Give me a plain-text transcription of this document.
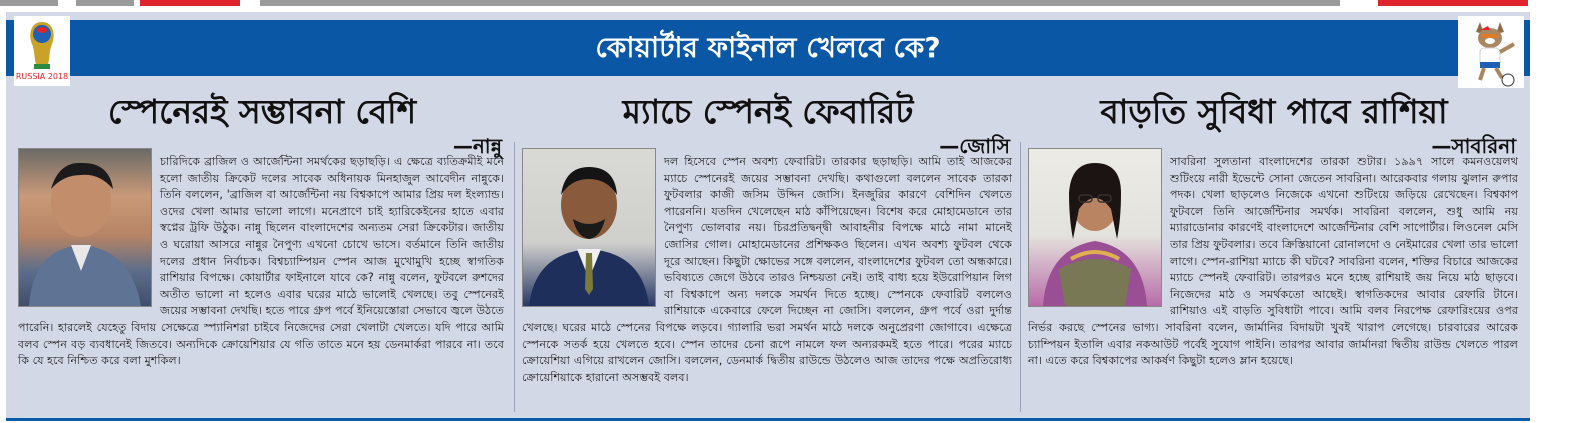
কোয়ার্টার ফাইনাল খেলবে কে?
RUSSIA 2018
স্পেনেরই সম্ভাবনা বেশি
—নান্নু
চারিদিকে ব্রাজিল ও আর্জেন্টিনা সমর্থকের ছড়াছড়ি। এ ক্ষেত্রে ব্যতিক্রমীই মনে হলো জাতীয় ক্রিকেট দলের সাবেক অধিনায়ক মিনহাজুল আবেদীন নান্নুকে। তিনি বললেন, 'ব্রাজিল বা আর্জেন্টিনা নয় বিশ্বকাপে আমার প্রিয় দল ইংল্যান্ড। ওদের খেলা আমার ভালো লাগে। মনেপ্রাণে চাই হ্যারিকেইনের হাতে এবার স্বপ্নের ট্রফি উঠুক। নান্নু ছিলেন বাংলাদেশের অন্যতম সেরা ক্রিকেটার। জাতীয় ও ঘরোয়া আসরে নান্নুর নৈপুণ্য এখনো চোখে ভাসে। বর্তমানে তিনি জাতীয় দলের প্রধান নির্বাচক। বিশ্বচ্যাম্পিয়ন স্পেন আজ মুখোমুখি হচ্ছে স্বাগতিক রাশিয়ার বিপক্ষে। কোয়ার্টার ফাইনালে যাবে কে? নান্নু বলেন, ফুটবলে রুশদের অতীত ভালো না হলেও এবার ঘরের মাঠে ভালোই খেলছে। তবু স্পেনেরই জয়ের সম্ভাবনা দেখছি। হতে পারে গ্রুপ পর্বে ইনিয়েস্তোরা সেভাবে জ্বলে উঠতে পারেনি। হারলেই যেহেতু বিদায় সেক্ষেত্রে স্প্যানিশরা চাইবে নিজেদের সেরা খেলাটা খেলতে। যদি পারে আমি বলব স্পেন বড় ব্যবধানেই জিতবে। অন্যদিকে ক্রোয়েশিয়ার যে গতি তাতে মনে হয় ডেনমার্করা পারবে না। তবে কি যে হবে নিশ্চিত করে বলা মুশকিল।
ম্যাচে স্পেনই ফেবারিট
—জোসি
দল হিসেবে স্পেন অবশ্য ফেবারিট। তারকার ছড়াছড়ি। আমি তাই আজকের ম্যাচে স্পেনেরই জয়ের সম্ভাবনা দেখছি। কথাগুলো বললেন সাবেক তারকা ফুটবলার কাজী জসিম উদ্দিন জোসি। ইনজুরির কারণে বেশিদিন খেলতে পারেননি। যতদিন খেলেছেন মাঠ কাঁপিয়েছেন। বিশেষ করে মোহামেডানে তার নৈপুণ্য ভোলবার নয়। চিরপ্রতিদ্বন্দ্বী আবাহনীর বিপক্ষে মাঠে নামা মানেই জোসির গোল। মোহামেডানের প্রশিক্ষকও ছিলেন। এখন অবশ্য ফুটবল থেকে দূরে আছেন। কিছুটা ক্ষোভের সঙ্গে বললেন, বাংলাদেশের ফুটবল তো অন্ধকারে। ভবিষ্যতে জেগে উঠবে তারও নিশ্চয়তা নেই। তাই বাধ্য হয়ে ইউরোপিয়ান লিগ বা বিশ্বকাপে অন্য দলকে সমর্থন দিতে হচ্ছে। স্পেনকে ফেবারিট বললেও রাশিয়াকে একেবারে ফেলে দিচ্ছেন না জোসি। বললেন, গ্রুপ পর্বে ওরা দুর্দান্ত খেলছে। ঘরের মাঠে স্পেনের বিপক্ষে লড়বে। গ্যালারি ভরা সমর্থন মাঠে দলকে অনুপ্রেরণা জোগাবে। এক্ষেত্রে স্পেনকে সতর্ক হয়ে খেলতে হবে। স্পেন তাদের চেনা রূপে নামলে ফল অন্যরকমই হতে পারে। পরের ম্যাচে ক্রোয়েশিয়া এগিয়ে রাখলেন জোসি। বললেন, ডেনমার্ক দ্বিতীয় রাউন্ডে উঠলেও আজ তাদের পক্ষে অপ্রতিরোধ্য ক্রোয়েশিয়াকে হারানো অসম্ভবই বলব।
বাড়তি সুবিধা পাবে রাশিয়া
—সাবরিনা
সাবরিনা সুলতানা বাংলাদেশের তারকা শুটার। ১৯৯৭ সালে কমনওয়েলথ শুটিংয়ে নারী ইভেন্টে সোনা জেতেন সাবরিনা। আরেকবার গলায় ঝুলান রুপার পদক। খেলা ছাড়লেও নিজেকে এখনো শুটিংয়ে জড়িয়ে রেখেছেন। বিশ্বকাপ ফুটবলে তিনি আর্জেন্টিনার সমর্থক। সাবরিনা বললেন, শুধু আমি নয় ম্যারাডোনার কারণেই বাংলাদেশে আর্জেন্টিনার বেশি সাপোর্টার। লিওনেল মেসি তার প্রিয় ফুটবলার। তবে ক্রিস্তিয়ানো রোনালদো ও নেইমারের খেলা তার ভালো লাগে। স্পেন-রাশিয়া ম্যাচে কী ঘটবে? সাবরিনা বলেন, শক্তির বিচারে আজকের ম্যাচে স্পেনই ফেবারিট। তারপরও মনে হচ্ছে রাশিয়াই জয় নিয়ে মাঠ ছাড়বে। নিজেদের মাঠ ও সমর্থকতো আছেই। স্বাগতিকদের আবার রেফারি টানে। রাশিয়াও এই বাড়তি সুবিধাটা পাবে। আমি বলব নিরপেক্ষ রেফারিংয়ের ওপর নির্ভর করছে স্পেনের ভাগ্য। সাবরিনা বলেন, জার্মানির বিদায়টা খুবই খারাপ লেগেছে। চারবারের আরেক চ্যাম্পিয়ন ইতালি এবার নকআউট পর্বেই সুযোগ পাইনি। তারপর আবার জার্মানরা দ্বিতীয় রাউন্ড খেলতে পারল না। এতে করে বিশ্বকাপের আকর্ষণ কিছুটা হলেও ম্লান হয়েছে।
